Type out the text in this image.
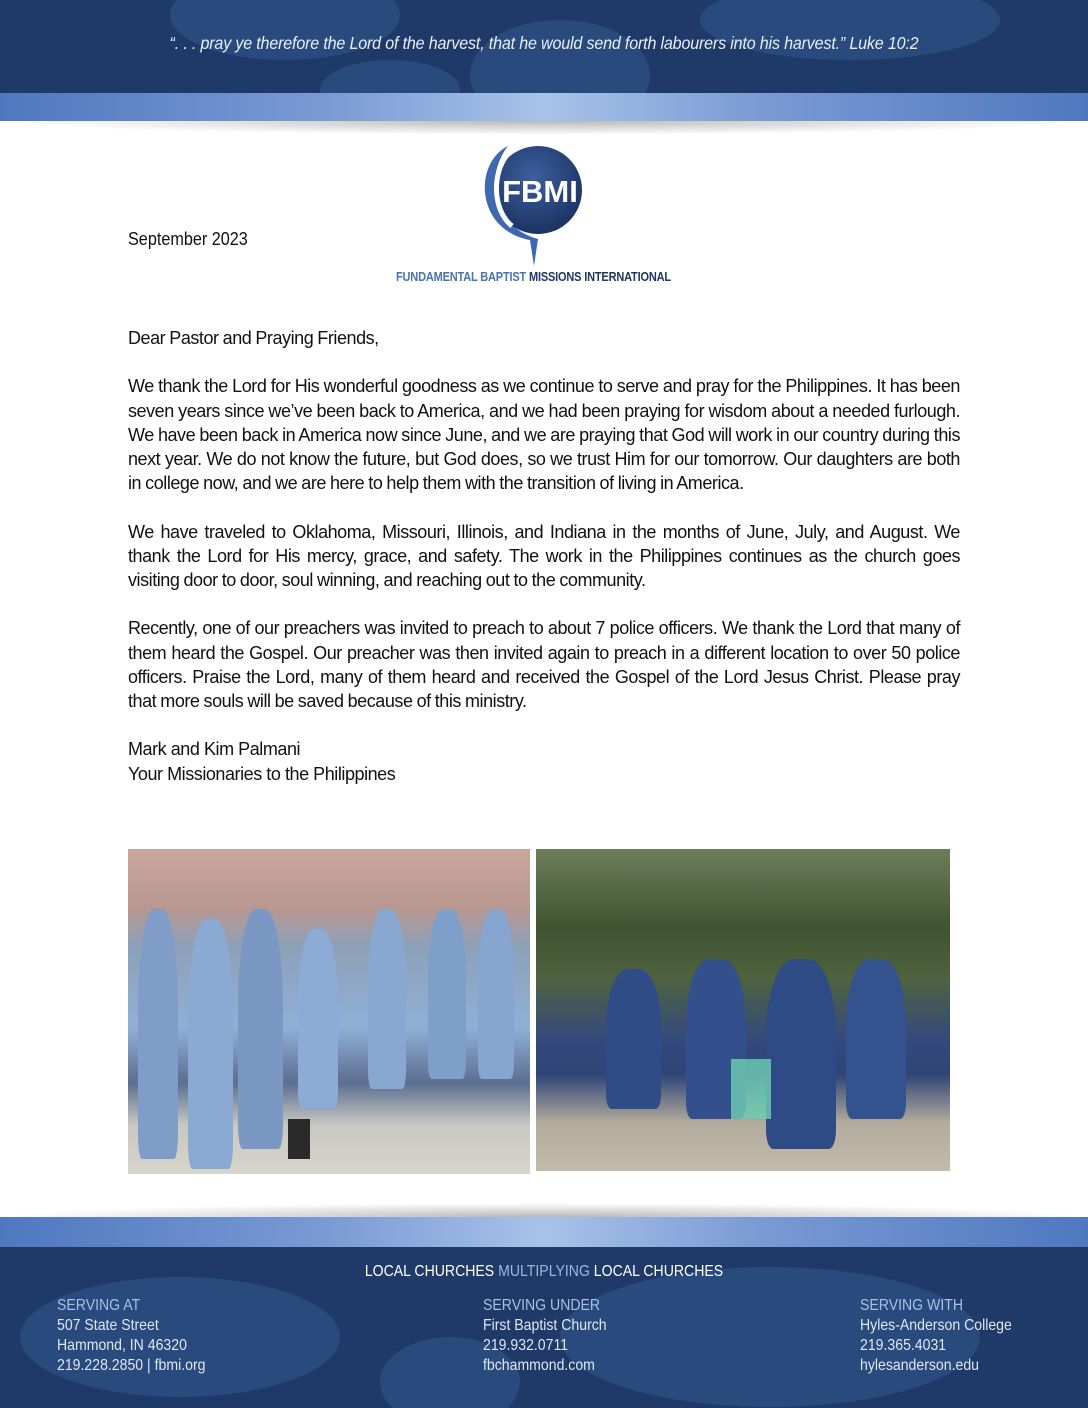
“. . . pray ye therefore the Lord of the harvest, that he would send forth labourers into his harvest.” Luke 10:2
FBMI
FUNDAMENTAL BAPTIST MISSIONS INTERNATIONAL
September 2023

Dear Pastor and Praying Friends,

We thank the Lord for His wonderful goodness as we continue to serve and pray for the Philippines. It has been seven years since we’ve been back to America, and we had been praying for wisdom about a needed furlough. We have been back in America now since June, and we are praying that God will work in our country during this next year. We do not know the future, but God does, so we trust Him for our tomorrow. Our daughters are both in college now, and we are here to help them with the transition of living in America.

We have traveled to Oklahoma, Missouri, Illinois, and Indiana in the months of June, July, and August. We thank the Lord for His mercy, grace, and safety. The work in the Philippines continues as the church goes visiting door to door, soul winning, and reaching out to the community.

Recently, one of our preachers was invited to preach to about 7 police officers. We thank the Lord that many of them heard the Gospel. Our preacher was then invited again to preach in a different location to over 50 police officers. Praise the Lord, many of them heard and received the Gospel of the Lord Jesus Christ. Please pray that more souls will be saved because of this ministry.

Mark and Kim Palmani
Your Missionaries to the Philippines
LOCAL CHURCHES MULTIPLYING LOCAL CHURCHES
SERVING AT
507 State Street
Hammond, IN 46320
219.228.2850 | fbmi.org
SERVING UNDER
First Baptist Church
219.932.0711
fbchammond.com
SERVING WITH
Hyles-Anderson College
219.365.4031
hylesanderson.edu
